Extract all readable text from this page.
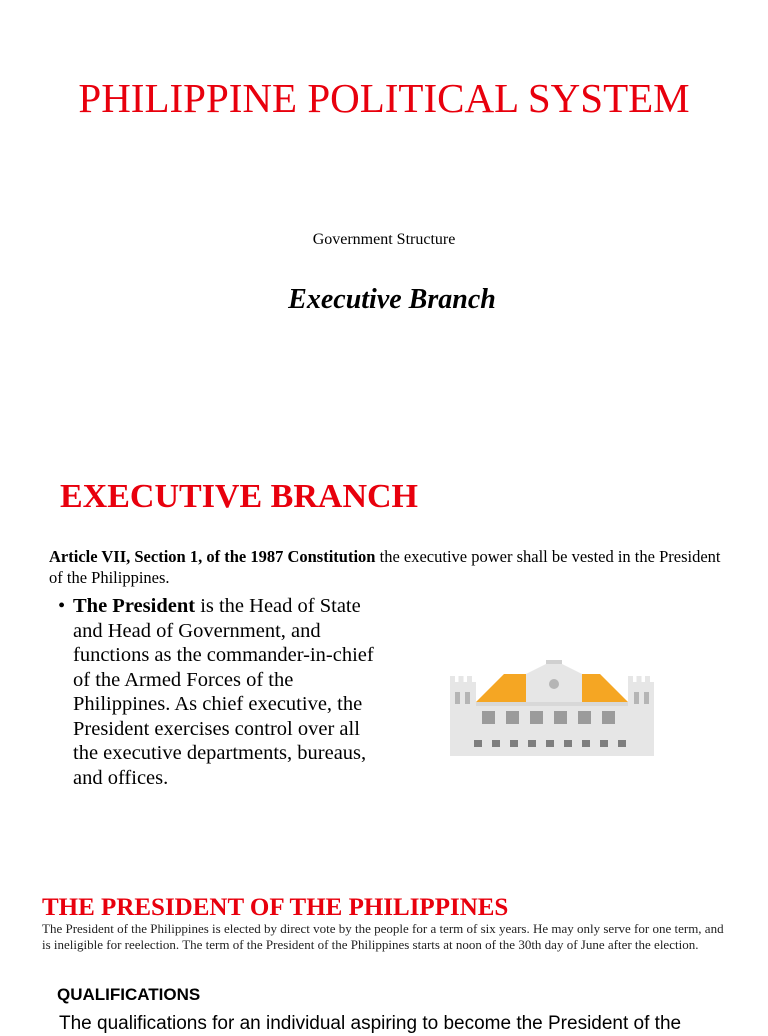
PHILIPPINE POLITICAL SYSTEM
Government Structure
Executive Branch
EXECUTIVE BRANCH
Article VII, Section 1, of the 1987 Constitution the executive power shall be vested in the President of the Philippines.
• The President is the Head of State and Head of Government, and functions as the commander-in-chief of the Armed Forces of the Philippines. As chief executive, the President exercises control over all the executive departments, bureaus, and offices.
THE PRESIDENT OF THE PHILIPPINES
The President of the Philippines is elected by direct vote by the people for a term of six years. He may only serve for one term, and is ineligible for reelection. The term of the President of the Philippines starts at noon of the 30th day of June after the election.
QUALIFICATIONS
The qualifications for an individual aspiring to become the President of the
